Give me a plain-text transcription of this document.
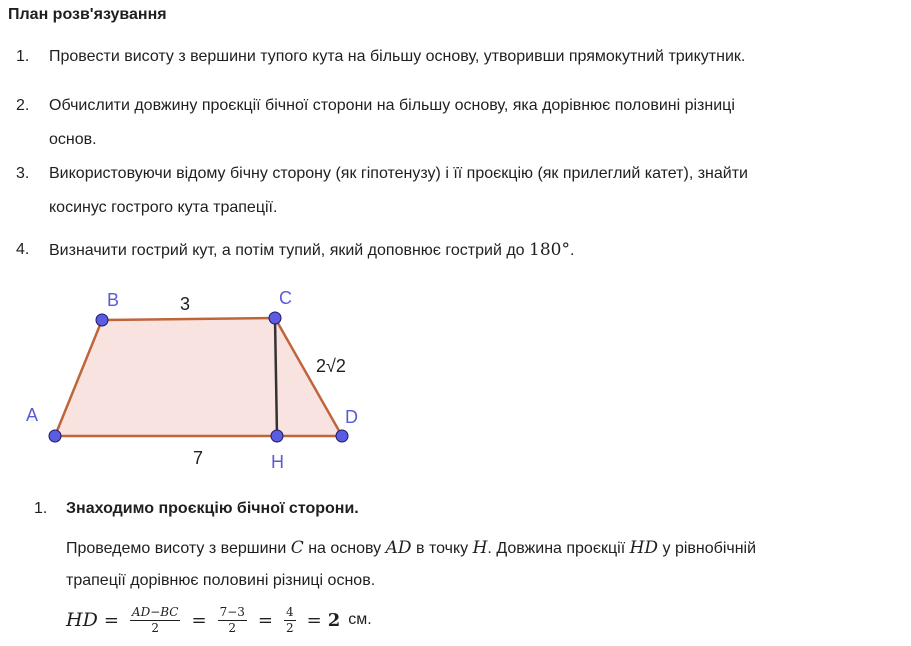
План розв'язування
1. Провести висоту з вершини тупого кута на більшу основу, утворивши прямокутний трикутник.
2. Обчислити довжину проєкції бічної сторони на більшу основу, яка дорівнює половині різниці
основ.
3. Використовуючи відому бічну сторону (як гіпотенузу) і її проєкцію (як прилеглий катет), знайти
косинус гострого кута трапеції.
4. Визначити гострий кут, а потім тупий, який доповнює гострий до 180°.
B	C
A	D
H
3
7
2√2
1. Знаходимо проєкцію бічної сторони.
Проведемо висоту з вершини C на основу AD в точку H. Довжина проєкції HD у рівнобічній
трапеції дорівнює половині різниці основ.
HD = $\frac{AD-BC}{2} = \frac{7-3}{2} = \frac{4}{2} = 2$ см.
